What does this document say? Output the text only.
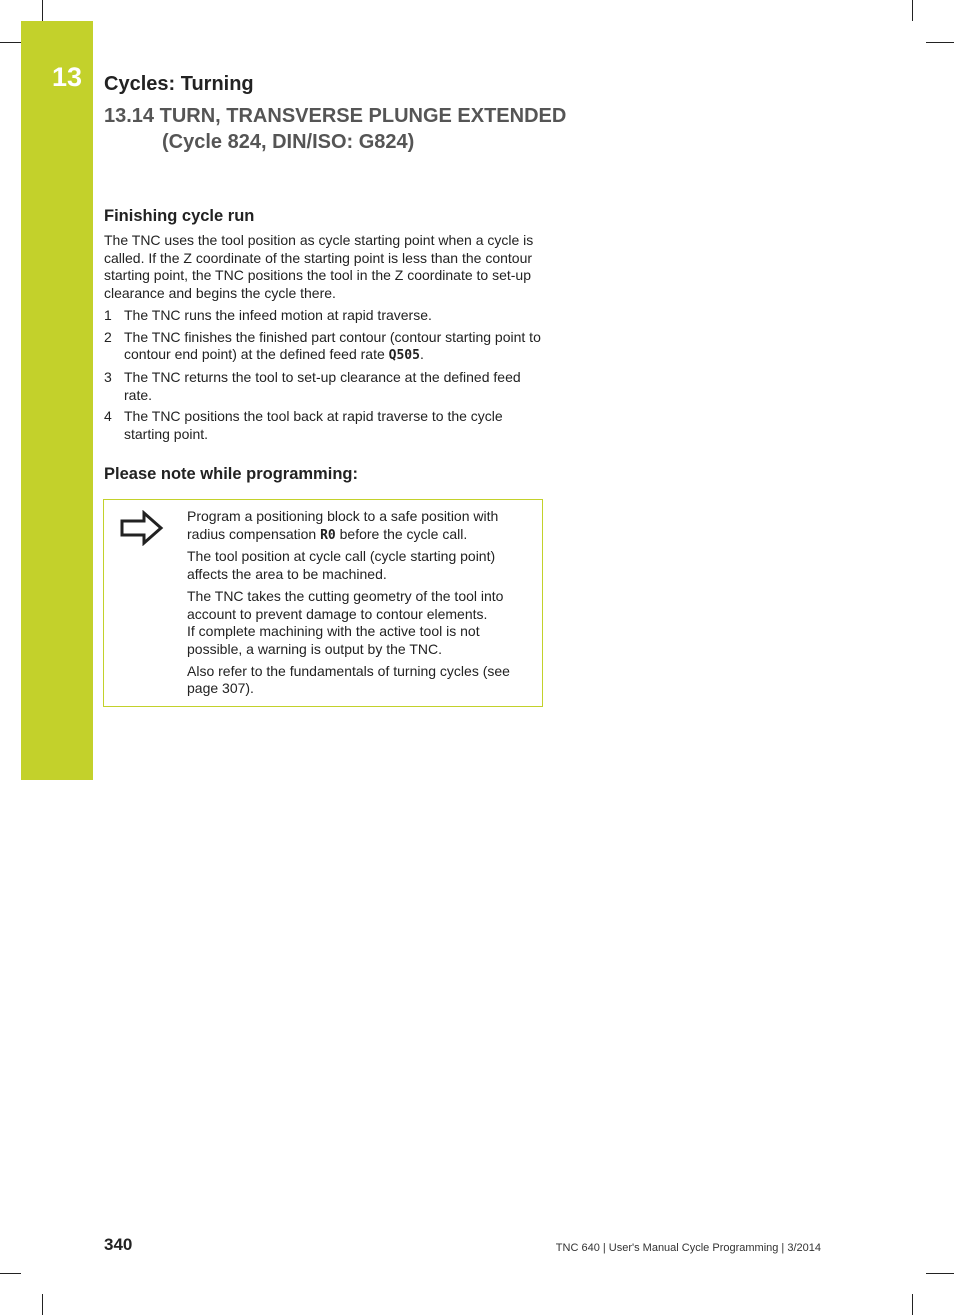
13 Cycles: Turning
13.14 TURN, TRANSVERSE PLUNGE EXTENDED
(Cycle 824, DIN/ISO: G824)
Finishing cycle run

The TNC uses the tool position as cycle starting point when a cycle is called. If the Z coordinate of the starting point is less than the contour starting point, the TNC positions the tool in the Z coordinate to set-up clearance and begins the cycle there.

1 The TNC runs the infeed motion at rapid traverse.
2 The TNC finishes the finished part contour (contour starting point to contour end point) at the defined feed rate Q505.
3 The TNC returns the tool to set-up clearance at the defined feed rate.
4 The TNC positions the tool back at rapid traverse to the cycle starting point.
Please note while programming:

Program a positioning block to a safe position with radius compensation R0 before the cycle call.

The tool position at cycle call (cycle starting point) affects the area to be machined.

The TNC takes the cutting geometry of the tool into account to prevent damage to contour elements.

If complete machining with the active tool is not possible, a warning is output by the TNC.

Also refer to the fundamentals of turning cycles (see page 307).

340	TNC 640 | User's Manual Cycle Programming | 3/2014
